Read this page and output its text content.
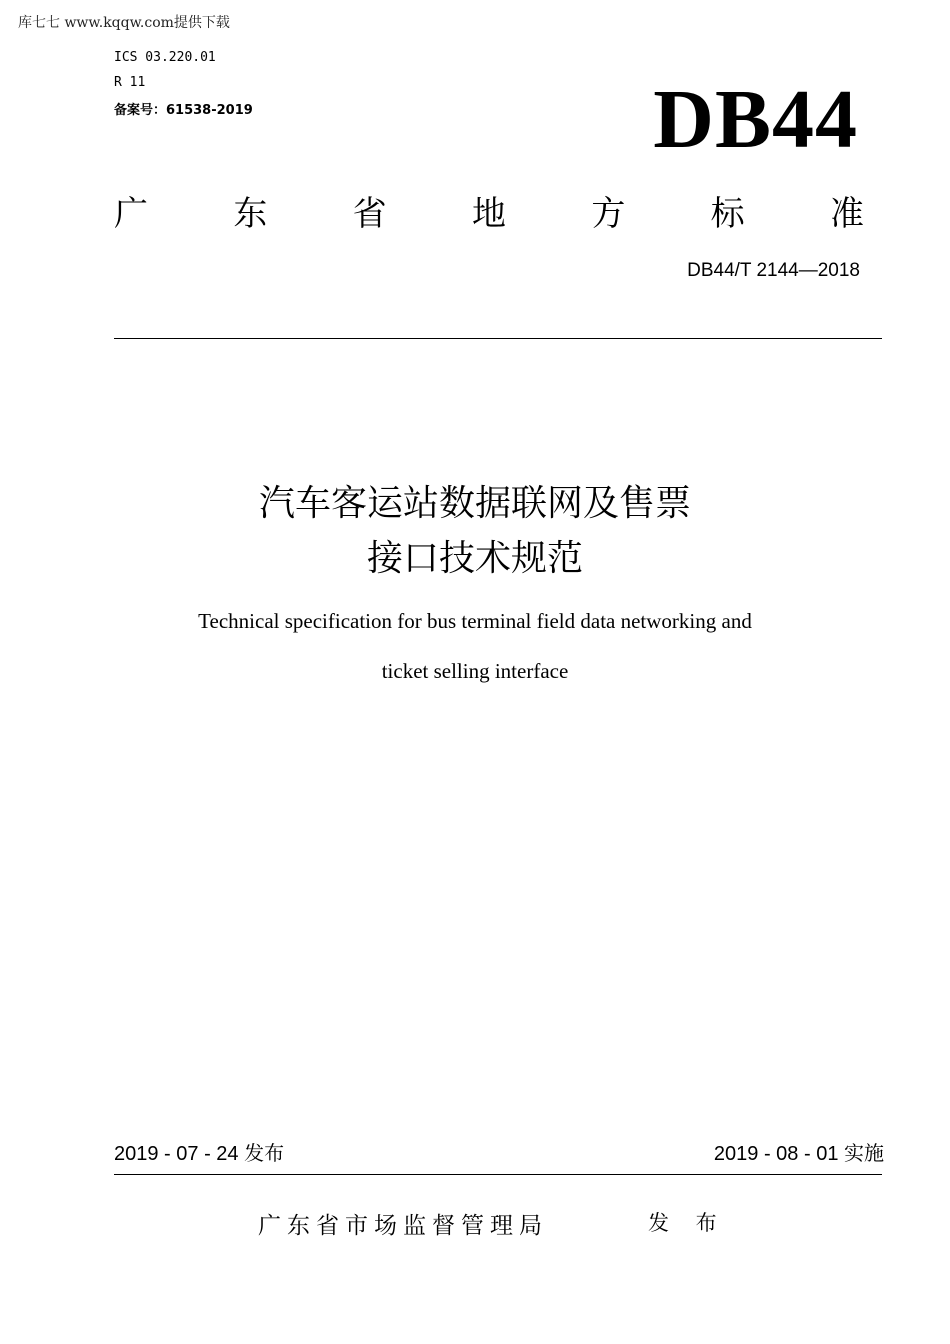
库七七 www.kqqw.com提供下载
ICS 03.220.01
R 11
备案号：61538-2019	DB44
广	东	省	地	方	标	准
DB44/T 2144—2018
汽车客运站数据联网及售票
接口技术规范
Technical specification for bus terminal field data networking and
ticket selling interface
2019 - 07 - 24 发布	2019 - 08 - 01 实施
广东省市场监督管理局	发 布
